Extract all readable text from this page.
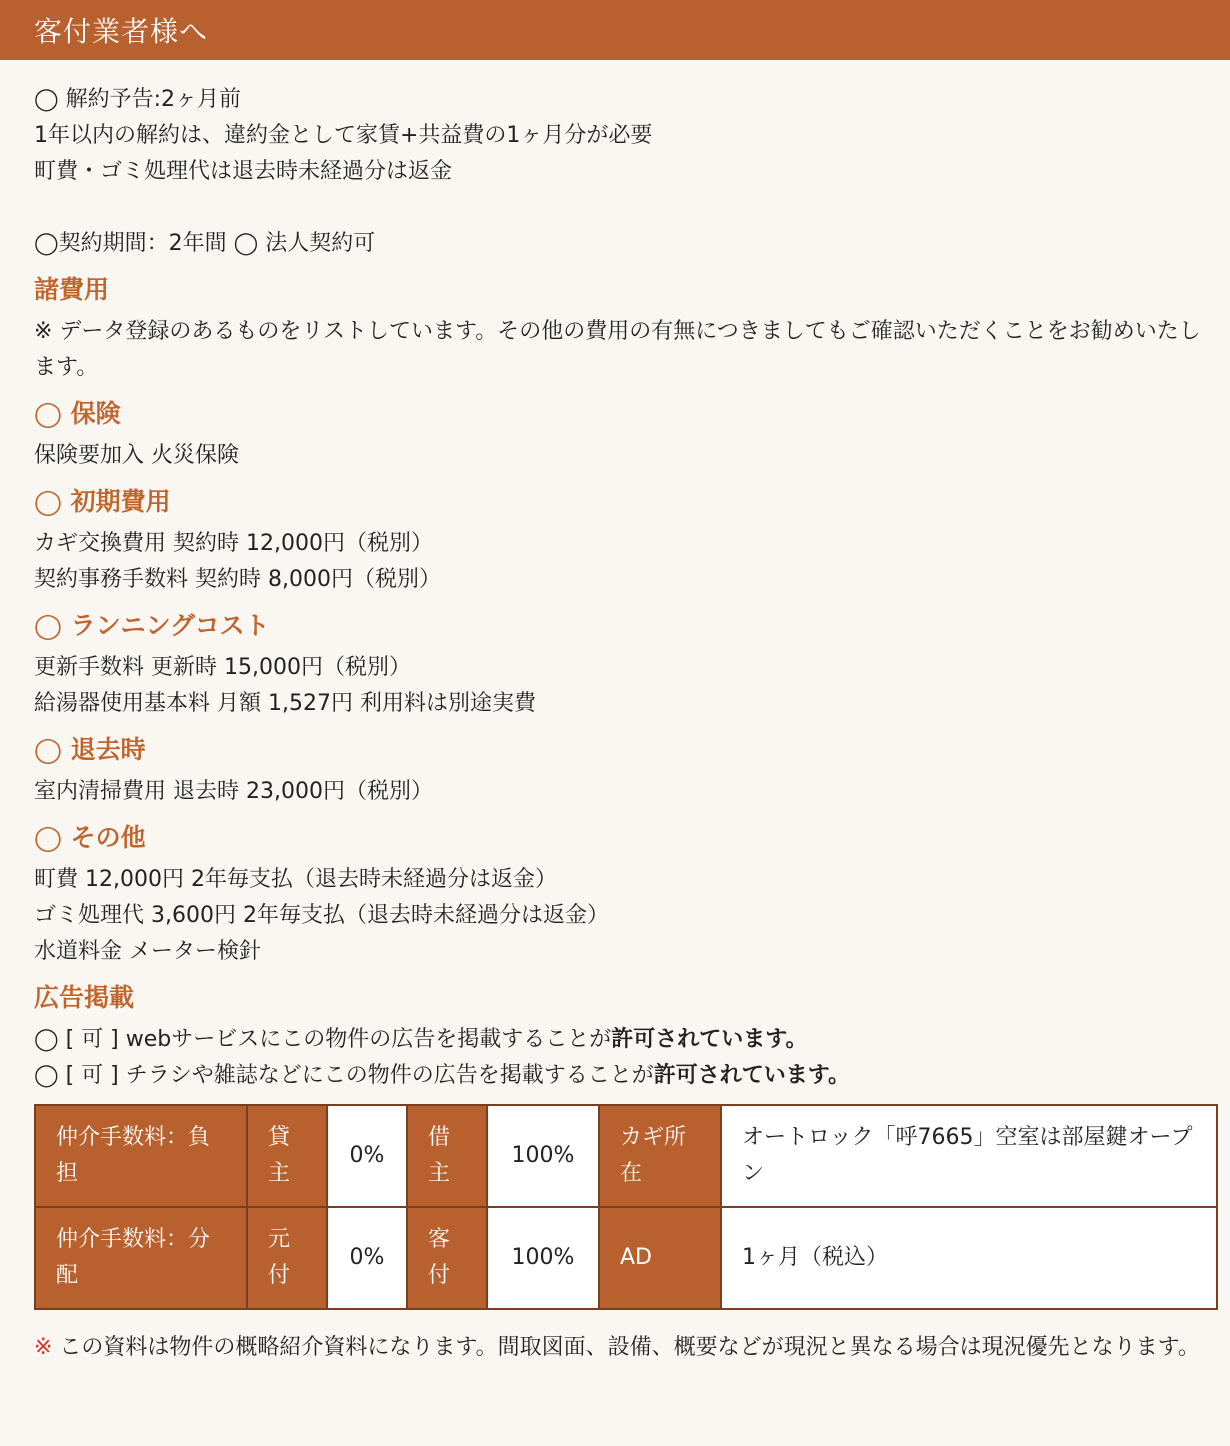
客付業者様へ

◯ 解約予告:2ヶ月前

1年以内の解約は、違約金として家賃+共益費の1ヶ月分が必要

町費・ゴミ処理代は退去時未経過分は返金

◯契約期間：2年間 ◯ 法人契約可

諸費用

※ データ登録のあるものをリストしています。その他の費用の有無につきましてもご確認いただくことをお勧めいたします。

◯ 保険

保険要加入 火災保険

◯ 初期費用

カギ交換費用 契約時 12,000円（税別）

契約事務手数料 契約時 8,000円（税別）

◯ ランニングコスト

更新手数料 更新時 15,000円（税別）

給湯器使用基本料 月額 1,527円 利用料は別途実費

◯ 退去時

室内清掃費用 退去時 23,000円（税別）

◯ その他

町費 12,000円 2年毎支払（退去時未経過分は返金）

ゴミ処理代 3,600円 2年毎支払（退去時未経過分は返金）

水道料金 メーター検針

広告掲載

◯ [ 可 ] webサービスにこの物件の広告を掲載することが許可されています。

◯ [ 可 ] チラシや雑誌などにこの物件の広告を掲載することが許可されています。

仲介手数料：負担	貸主	0%	借主	100%	カギ所在	オートロック「呼7665」空室は部屋鍵オープン
仲介手数料：分配	元付	0%	客付	100%	AD	1ヶ月（税込）
※ この資料は物件の概略紹介資料になります。間取図面、設備、概要などが現況と異なる場合は現況優先となります。
